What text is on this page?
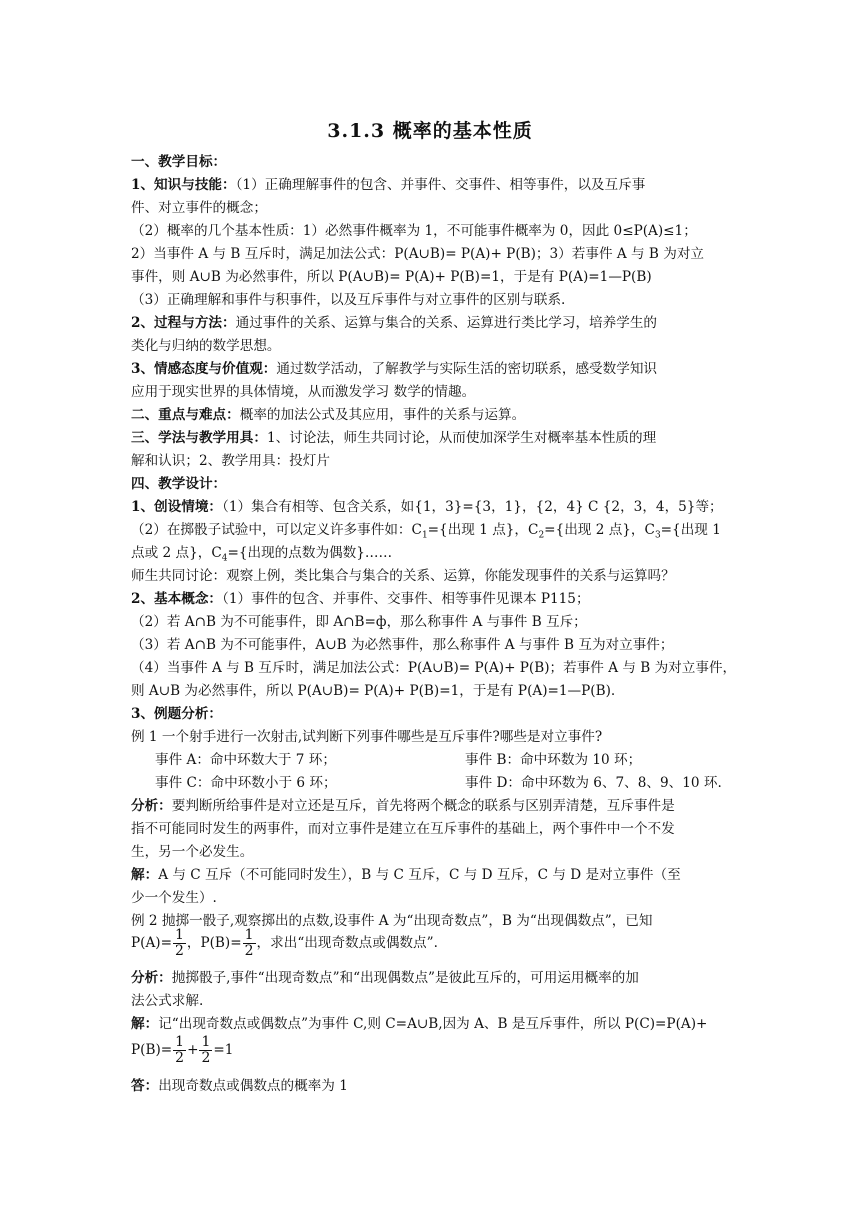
3.1.3 概率的基本性质
一、教学目标：
1、知识与技能：（1）正确理解事件的包含、并事件、交事件、相等事件，以及互斥事
件、对立事件的概念；
（2）概率的几个基本性质：1）必然事件概率为 1，不可能事件概率为 0，因此 0≤P(A)≤1；
2）当事件 A 与 B 互斥时，满足加法公式：P(A∪B)= P(A)+ P(B)；3）若事件 A 与 B 为对立
事件，则 A∪B 为必然事件，所以 P(A∪B)= P(A)+ P(B)=1，于是有 P(A)=1—P(B)
（3）正确理解和事件与积事件，以及互斥事件与对立事件的区别与联系.
2、过程与方法：通过事件的关系、运算与集合的关系、运算进行类比学习，培养学生的
类化与归纳的数学思想。
3、情感态度与价值观：通过数学活动，了解教学与实际生活的密切联系，感受数学知识
应用于现实世界的具体情境，从而激发学习 数学的情趣。
二、重点与难点：概率的加法公式及其应用，事件的关系与运算。
三、学法与教学用具：1、讨论法，师生共同讨论，从而使加深学生对概率基本性质的理
解和认识；2、教学用具：投灯片
四、教学设计：
1、创设情境：（1）集合有相等、包含关系，如{1，3}={3，1}，{2，4} C {2，3，4，5}等；
（2）在掷骰子试验中，可以定义许多事件如：$C_1=${出现 1 点}，$C_2=${出现 2 点}，$C_3=${出现 1
点或 2 点}，$C_4=${出现的点数为偶数}……
师生共同讨论：观察上例，类比集合与集合的关系、运算，你能发现事件的关系与运算吗？
2、基本概念：（1）事件的包含、并事件、交事件、相等事件见课本 P115；
（2）若 A∩B 为不可能事件，即 A∩B=ф，那么称事件 A 与事件 B 互斥；
（3）若 A∩B 为不可能事件，A∪B 为必然事件，那么称事件 A 与事件 B 互为对立事件；
（4）当事件 A 与 B 互斥时，满足加法公式：P(A∪B)= P(A)+ P(B)；若事件 A 与 B 为对立事件，
则 A∪B 为必然事件，所以 P(A∪B)= P(A)+ P(B)=1，于是有 P(A)=1—P(B).
3、例题分析：
例 1 一个射手进行一次射击,试判断下列事件哪些是互斥事件?哪些是对立事件?
事件 A：命中环数大于 7 环；	事件 B：命中环数为 10 环；
事件 C：命中环数小于 6 环；	事件 D：命中环数为 6、7、8、9、10 环.
分析：要判断所给事件是对立还是互斥，首先将两个概念的联系与区别弄清楚，互斥事件是
指不可能同时发生的两事件，而对立事件是建立在互斥事件的基础上，两个事件中一个不发
生，另一个必发生。
解：A 与 C 互斥（不可能同时发生），B 与 C 互斥，C 与 D 互斥，C 与 D 是对立事件（至
少一个发生）.
例 2 抛掷一骰子,观察掷出的点数,设事件 A 为“出现奇数点”，B 为“出现偶数点”，已知
$P(A)= \frac{1}{2}$ ，$P(B)= \frac{1}{2}$ ，求出“出现奇数点或偶数点”.
分析：抛掷骰子,事件“出现奇数点”和“出现偶数点”是彼此互斥的，可用运用概率的加
法公式求解.
解：记“出现奇数点或偶数点”为事件 C,则 C=A∪B,因为 A、B 是互斥事件，所以 P(C)=P(A)+
$P(B)= \frac{1}{2} + \frac{1}{2} =1$
答：出现奇数点或偶数点的概率为 1
